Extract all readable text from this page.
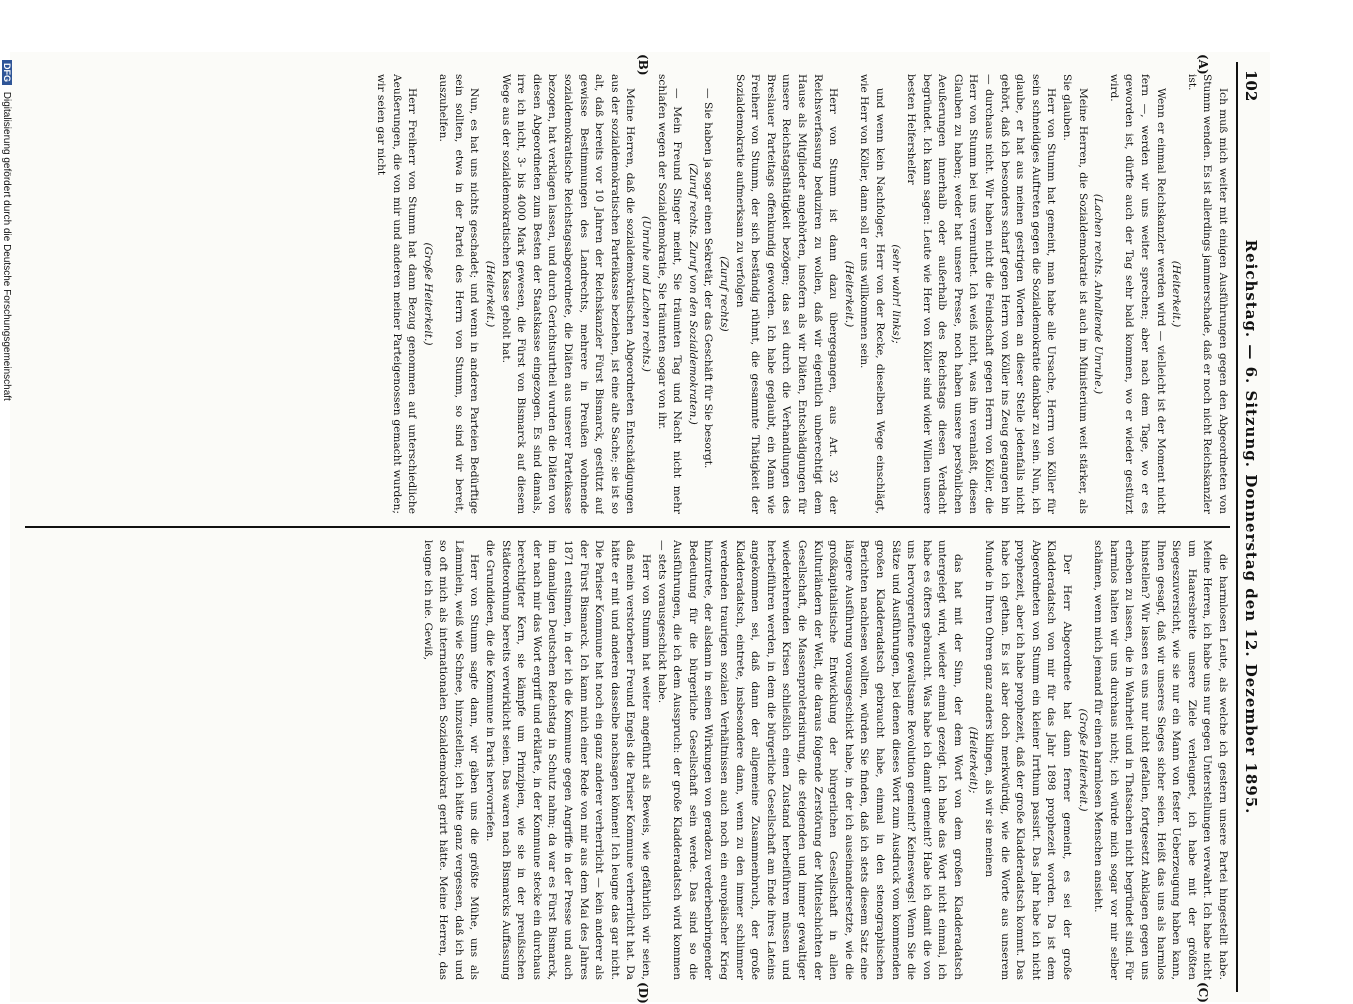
102
Reichstag. — 6. Sitzung. Donnerstag den 12. Dezember 1895.
(A)
(B)
(C)
(D)

Ich muß mich weiter mit einigen Ausführungen gegen den Abgeordneten von Stumm wenden. Es ist allerdings jammerschade, daß er noch nicht Reichskanzler ist.

(Heiterkeit.)

Wenn er einmal Reichskanzler werden wird — vielleicht ist der Moment nicht fern —, werden wir uns weiter sprechen; aber nach dem Tage, wo er es geworden ist, dürfte auch der Tag sehr bald kommen, wo er wieder gestürzt wird.

(Lachen rechts. Anhaltende Unruhe.)

Meine Herren, die Sozialdemokratie ist auch im Ministerium weit stärker, als Sie glauben.

Herr von Stumm hat gemeint, man habe alle Ursache, Herrn von Köller für sein schneidiges Auftreten gegen die Sozialdemokratie dankbar zu sein. Nun, ich glaube, er hat aus meinen gestrigen Worten an dieser Stelle jedenfalls nicht gehört, daß ich besonders scharf gegen Herrn von Köller ins Zeug gegangen bin — durchaus nicht. Wir haben nicht die Feindschaft gegen Herrn von Köller, die Herr von Stumm bei uns vermuthet. Ich weiß nicht, was ihn veranlaßt, diesen Glauben zu haben; weder hat unsere Presse, noch haben unsere persönlichen Aeußerungen innerhalb oder außerhalb des Reichstags diesen Verdacht begründet. Ich kann sagen: Leute wie Herr von Köller sind wider Willen unsere besten Helfershelfer

(sehr wahr! links);

und wenn kein Nachfolger, Herr von der Recke, dieselben Wege einschlägt, wie Herr von Köller, dann soll er uns willkommen sein.

(Heiterkeit.)

Herr von Stumm ist dann dazu übergegangen, aus Art. 32 der Reichsverfassung beduziren zu wollen, daß wir eigentlich unberechtigt dem Hause als Mitglieder angehörten, insofern als wir Diäten, Entschädigungen für unsere Reichstagsthätigkeit bezögen; das sei durch die Verhandlungen des Breslauer Parteitags offenkundig geworden. Ich habe geglaubt, ein Mann wie Freiherr von Stumm, der sich beständig rühmt, die gesammte Thätigkeit der Sozialdemokratie aufmerksam zu verfolgen

(Zuruf rechts)

— Sie haben ja sogar einen Sekretär, der das Geschäft für Sie besorgt.

(Zuruf rechts. Zuruf von den Sozialdemokraten.)

— Mein Freund Singer meint, Sie träumten Tag und Nacht nicht mehr schlafen wegen der Sozialdemokratie, Sie träumten sogar von ihr.

(Unruhe und Lachen rechts.)

Meine Herren, daß die sozialdemokratischen Abgeordneten Entschädigungen aus der sozialdemokratischen Parteikasse beziehen, ist eine alte Sache; sie ist so alt, daß bereits vor 10 Jahren der Reichskanzler Fürst Bismarck, gestützt auf gewisse Bestimmungen des Landrechts, mehrere in Preußen wohnende sozialdemokratische Reichstagsabgeordnete, die Diäten aus unserer Parteikasse bezogen, hat verklagen lassen, und durch Gerichtsurtheil wurden die Diäten von diesen Abgeordneten zum Besten der Staatskasse eingezogen. Es sind damals, irre ich nicht, 3- bis 4000 Mark gewesen, die Fürst von Bismarck auf diesem Wege aus der sozialdemokratischen Kasse geholt hat.

(Heiterkeit.)

Nun, es hat uns nichts geschadet; und wenn in anderen Parteien Bedürftige sein sollten, etwa in der Partei des Herrn von Stumm, so sind wir bereit, auszuhelfen.

(Große Heiterkeit.)

Herr Freiherr von Stumm hat dann Bezug genommen auf unterschiedliche Aeußerungen, die von mir und anderen meiner Parteigenossen gemacht wurden; wir seien gar nicht

die harmlosen Leute, als welche ich gestern unsere Partei hingestellt habe. Meine Herren, ich habe uns nur gegen Unterstellungen verwahrt. Ich habe nicht um Haaresbreite unsere Ziele verleugnet, ich habe mit der größten Siegeszuversicht, wie sie nur ein Mann von fester Ueberzeugung haben kann, Ihnen gesagt, daß wir unseres Sieges sicher seien. Heißt das uns als harmlos hinstellen? Wir lassen es uns nur nicht gefallen, fortgesetzt Anklagen gegen uns erheben zu lassen, die in Wahrheit und in Thatsachen nicht begründet sind. Für harmlos halten wir uns durchaus nicht; ich würde mich sogar vor mir selber schämen, wenn mich jemand für einen harmlosen Menschen ansieht.

(Große Heiterkeit.)

Der Herr Abgeordnete hat dann ferner gemeint, es sei der große Kladderadatsch von mir für das Jahr 1898 prophezeit worden. Da ist dem Abgeordneten von Stumm ein kleiner Irrthum passirt. Das Jahr habe ich nicht prophezeit, aber ich habe prophezeit, daß der große Kladderadatsch kommt. Das habe ich gethan. Es ist aber doch merkwürdig, wie die Worte aus unserem Munde in Ihren Ohren ganz anders klingen, als wir sie meinen

(Heiterkeit);

das hat mit der Sinn, der dem Wort von dem großen Kladderadatsch untergelegt wird, wieder einmal gezeigt. Ich habe das Wort nicht einmal, ich habe es öfters gebraucht. Was habe ich damit gemeint? Habe ich damit die von uns hervorgerufene gewaltsame Revolution gemeint? Keineswegs! Wenn Sie die Sätze und Ausführungen, bei denen dieses Wort zum Ausdruck vom kommenden großen Kladderadatsch gebraucht habe, einmal in den stenographischen Berichten nachlesen wollten, würden Sie finden, daß ich stets diesem Satz eine längere Ausführung vorausgeschickt habe, in der ich auseinandersetzte, wie die großkapitalistische Entwicklung der bürgerlichen Gesellschaft in allen Kulturländern der Welt, die daraus folgende Zerstörung der Mittelschichten der Gesellschaft, die Massenproletarisirung, die steigenden und immer gewaltiger wiederkehrenden Krisen schließlich einen Zustand herbeiführen müssen und herbeiführen werden, in dem die bürgerliche Gesellschaft am Ende ihres Lateins angekommen sei, daß dann der allgemeine Zusammenbruch, der große Kladderadatsch, eintrete, insbesondere dann, wenn zu den immer schlimmer werdenden traurigen sozialen Verhältnissen auch noch ein europäischer Krieg hinzutrete, der alsdann in seinen Wirkungen von geradezu verderbenbringender Bedeutung für die bürgerliche Gesellschaft sein werde. Das sind so die Ausführungen, die ich dem Ausspruch: der große Kladderadatsch wird kommen — stets vorausgeschickt habe.

Herr von Stumm hat weiter angeführt als Beweis, wie gefährlich wir seien, daß mein verstorbener Freund Engels die Pariser Kommune verherrlicht hat. Da hätte er mit und anderen dasselbe nachsagen können! Ich leugne das gar nicht. Die Pariser Kommune hat noch ein ganz anderer verherrlicht — kein anderer als der Fürst Bismarck. Ich kann mich einer Rede von mir aus dem Mai des Jahres 1871 entsinnen, in der ich die Kommune gegen Angriffe in der Presse und auch im damaligen Deutschen Reichstag in Schutz nahm; da war es Fürst Bismarck, der nach mir das Wort ergriff und erklärte, in der Kommune stecke ein durchaus berechtigter Kern, sie kämpfe um Prinzipien, wie sie in der preußischen Städteordnung bereits verwirklicht seien. Das waren nach Bismarcks Auffassung die Grundideen, die die Kommune in Paris hervorriefen.

Herr von Stumm sagte dann, wir gäben uns die größte Mühe, uns als Lämmlein, weiß wie Schnee, hinzustellen; ich hätte ganz vergessen, daß ich und so oft mich als internationalen Sozialdemokrat gerirt hätte. Meine Herren, das leugne ich nie. Gewiß,

DFG Digitalisierung gefördert durch die Deutsche Forschungsgemeinschaft
